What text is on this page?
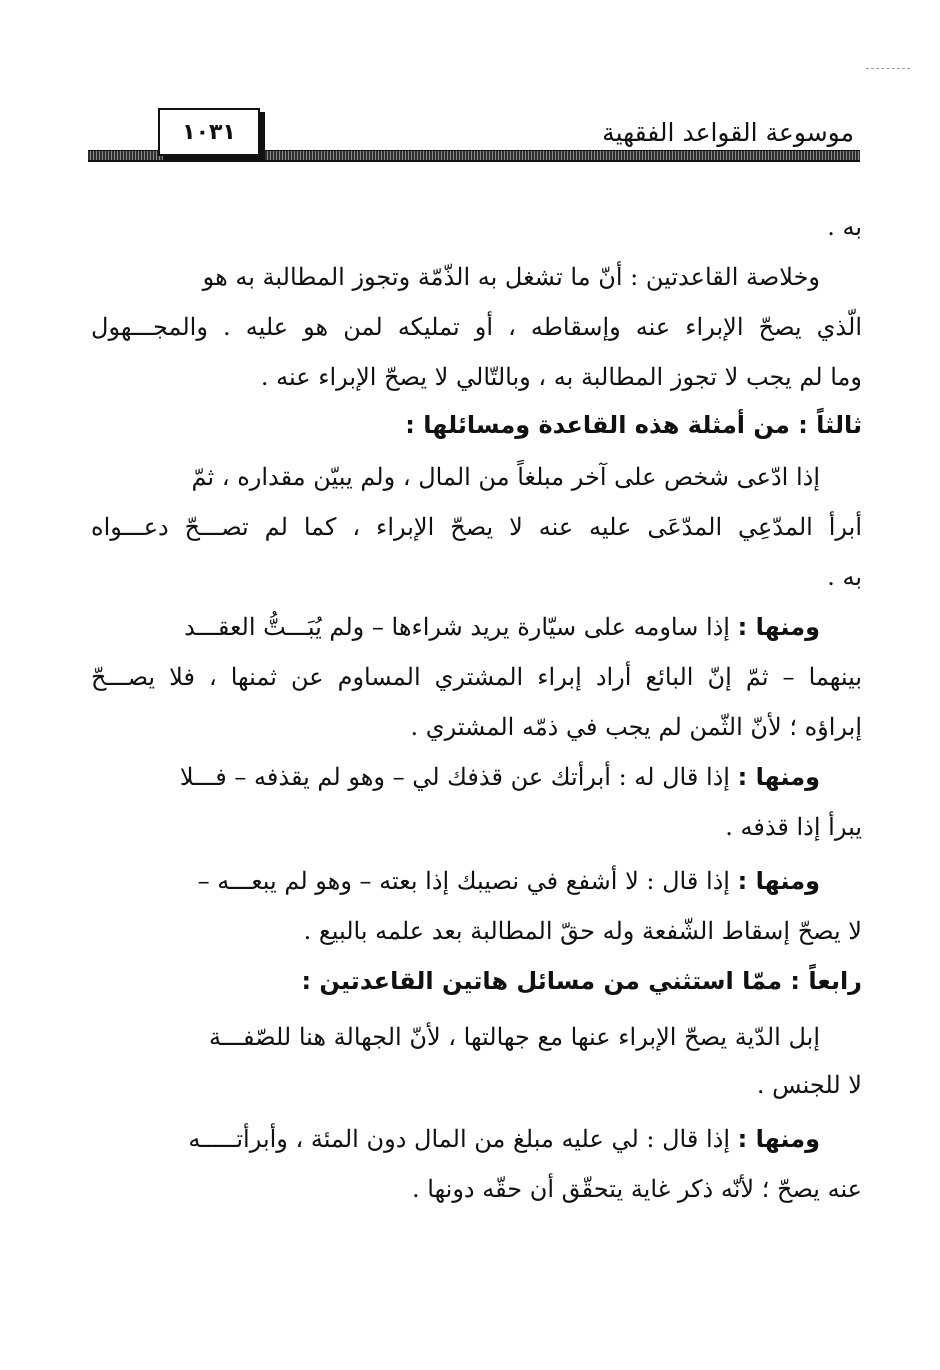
١٠٣١	موسوعة القواعد الفقهية
به .
وخلاصة القاعدتين : أنّ ما تشغل به الذّمّة وتجوز المطالبة به هو
الّذي يصحّ الإبراء عنه وإسقاطه ، أو تمليكه لمن هو عليه . والمجـــهول
وما لم يجب لا تجوز المطالبة به ، وبالتّالي لا يصحّ الإبراء عنه .
ثالثاً : من أمثلة هذه القاعدة ومسائلها :
إذا ادّعى شخص على آخر مبلغاً من المال ، ولم يبيّن مقداره ، ثمّ
أبرأ المدّعِي المدّعَى عليه عنه لا يصحّ الإبراء ، كما لم تصـــحّ دعـــواه
به .
ومنها : إذا ساومه على سيّارة يريد شراءها – ولم يُبَـــتُّ العقـــد
بينهما – ثمّ إنّ البائع أراد إبراء المشتري المساوم عن ثمنها ، فلا يصـــحّ
إبراؤه ؛ لأنّ الثّمن لم يجب في ذمّه المشتري .
ومنها : إذا قال له : أبرأتك عن قذفك لي – وهو لم يقذفه – فـــلا
يبرأ إذا قذفه .
ومنها : إذا قال : لا أشفع في نصيبك إذا بعته – وهو لم يبعـــه –
لا يصحّ إسقاط الشّفعة وله حقّ المطالبة بعد علمه بالبيع .
رابعاً : ممّا استثني من مسائل هاتين القاعدتين :
إبل الدّية يصحّ الإبراء عنها مع جهالتها ، لأنّ الجهالة هنا للصّفـــة
لا للجنس .
ومنها : إذا قال : لي عليه مبلغ من المال دون المئة ، وأبرأتـــــه
عنه يصحّ ؛ لأنّه ذكر غاية يتحقّق أن حقّه دونها .
